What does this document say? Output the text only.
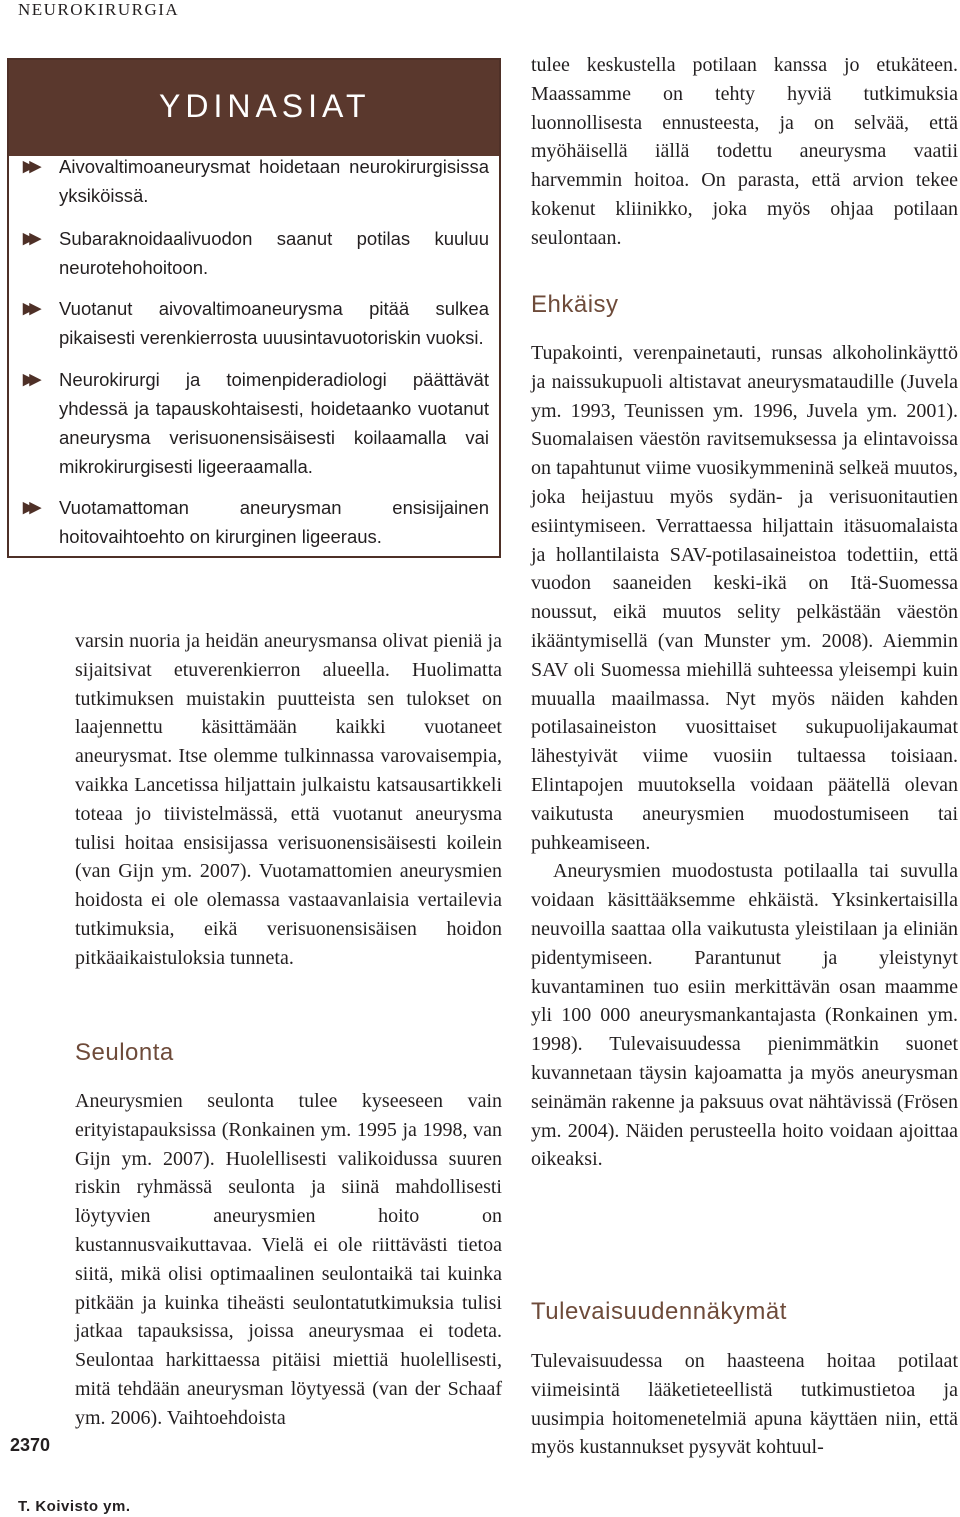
NEUROKIRURGIA
YDINASIAT
▶▶ Aivovaltimoaneurysmat hoidetaan neurokirurgisissa yksiköissä.
▶▶ Subaraknoidaalivuodon saanut potilas kuuluu neurotehohoitoon.
▶▶ Vuotanut aivovaltimoaneurysma pitää sulkea pikaisesti verenkierrosta uuusintavuotoriskin vuoksi.
▶▶ Neurokirurgi ja toimenpideradiologi päättävät yhdessä ja tapauskohtaisesti, hoidetaanko vuotanut aneurysma verisuonensisäisesti koilaamalla vai mikrokirurgisesti ligeeraamalla.
▶▶ Vuotamattoman aneurysman ensisijainen hoitovaihtoehto on kirurginen ligeeraus.

varsin nuoria ja heidän aneurysmansa olivat pieniä ja sijaitsivat etuverenkierron alueella. Huolimatta tutkimuksen muistakin puutteista sen tulokset on laajennettu käsittämään kaikki vuotaneet aneurysmat. Itse olemme tulkinnassa varovaisempia, vaikka Lancetissa hiljattain julkaistu katsausartikkeli toteaa jo tiivistelmässä, että vuotanut aneurysma tulisi hoitaa ensisijassa verisuonensisäisesti koilein (van Gijn ym. 2007). Vuotamattomien aneurysmien hoidosta ei ole olemassa vastaavanlaisia vertailevia tutkimuksia, eikä verisuonensisäisen hoidon pitkäaikaistuloksia tunneta.

Seulonta

Aneurysmien seulonta tulee kyseeseen vain erityistapauksissa (Ronkainen ym. 1995 ja 1998, van Gijn ym. 2007). Huolellisesti valikoidussa suuren riskin ryhmässä seulonta ja siinä mahdollisesti löytyvien aneurysmien hoito on kustannusvaikuttavaa. Vielä ei ole riittävästi tietoa siitä, mikä olisi optimaalinen seulontaikä tai kuinka pitkään ja kuinka tiheästi seulontatutkimuksia tulisi jatkaa tapauksissa, joissa aneurysmaa ei todeta. Seulontaa harkittaessa pitäisi miettiä huolellisesti, mitä tehdään aneurysman löytyessä (van der Schaaf ym. 2006). Vaihtoehdoista

tulee keskustella potilaan kanssa jo etukäteen. Maassamme on tehty hyviä tutkimuksia luonnollisesta ennusteesta, ja on selvää, että myöhäisellä iällä todettu aneurysma vaatii harvemmin hoitoa. On parasta, että arvion tekee kokenut kliinikko, joka myös ohjaa potilaan seulontaan.

Ehkäisy

Tupakointi, verenpainetauti, runsas alkoholinkäyttö ja naissukupuoli altistavat aneurysmataudille (Juvela ym. 1993, Teunissen ym. 1996, Juvela ym. 2001). Suomalaisen väestön ravitsemuksessa ja elintavoissa on tapahtunut viime vuosikymmeninä selkeä muutos, joka heijastuu myös sydän- ja verisuonitautien esiintymiseen. Verrattaessa hiljattain itäsuomalaista ja hollantilaista SAV-potilasaineistoa todettiin, että vuodon saaneiden keski-ikä on Itä-Suomessa noussut, eikä muutos selity pelkästään väestön ikääntymisellä (van Munster ym. 2008). Aiemmin SAV oli Suomessa miehillä suhteessa yleisempi kuin muualla maailmassa. Nyt myös näiden kahden potilasaineiston vuosittaiset sukupuolijakaumat lähestyivät viime vuosiin tultaessa toisiaan. Elintapojen muutoksella voidaan päätellä olevan vaikutusta aneurysmien muodostumiseen tai puhkeamiseen.

Aneurysmien muodostusta potilaalla tai suvulla voidaan käsittääksemme ehkäistä. Yksinkertaisilla neuvoilla saattaa olla vaikutusta yleistilaan ja eliniän pidentymiseen. Parantunut ja yleistynyt kuvantaminen tuo esiin merkittävän osan maamme yli 100 000 aneurysmankantajasta (Ronkainen ym. 1998). Tulevaisuudessa pienimmätkin suonet kuvannetaan täysin kajoamatta ja myös aneurysman seinämän rakenne ja paksuus ovat nähtävissä (Frösen ym. 2004). Näiden perusteella hoito voidaan ajoittaa oikeaksi.

Tulevaisuudennäkymät

Tulevaisuudessa on haasteena hoitaa potilaat viimeisintä lääketieteellistä tutkimustietoa ja uusimpia hoitomenetelmiä apuna käyttäen niin, että myös kustannukset pysyvät kohtuul-

2370
T. Koivisto ym.
